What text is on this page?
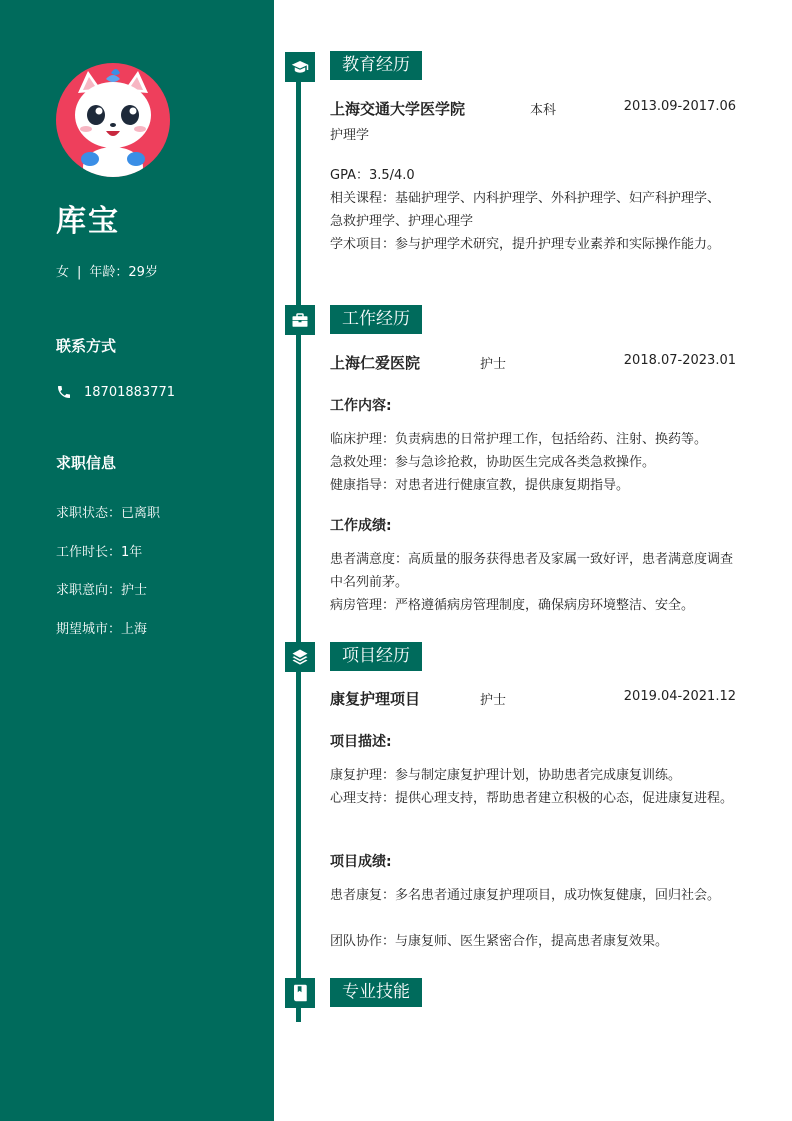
库宝
女 | 年龄：29岁
联系方式
18701883771
求职信息
求职状态：已离职
工作时长：1年
求职意向：护士
期望城市：上海
教育经历
上海交通大学医学院	本科	2013.09-2017.06
护理学
GPA：3.5/4.0
相关课程：基础护理学、内科护理学、外科护理学、妇产科护理学、急救护理学、护理心理学
学术项目：参与护理学术研究，提升护理专业素养和实际操作能力。
工作经历
上海仁爱医院	护士	2018.07-2023.01
工作内容:
临床护理：负责病患的日常护理工作，包括给药、注射、换药等。
急救处理：参与急诊抢救，协助医生完成各类急救操作。
健康指导：对患者进行健康宣教，提供康复期指导。
工作成绩:
患者满意度：高质量的服务获得患者及家属一致好评，患者满意度调查中名列前茅。
病房管理：严格遵循病房管理制度，确保病房环境整洁、安全。
项目经历
康复护理项目	护士	2019.04-2021.12
项目描述:
康复护理：参与制定康复护理计划，协助患者完成康复训练。
心理支持：提供心理支持，帮助患者建立积极的心态，促进康复进程。
项目成绩:
患者康复：多名患者通过康复护理项目，成功恢复健康，回归社会。
团队协作：与康复师、医生紧密合作，提高患者康复效果。
专业技能
